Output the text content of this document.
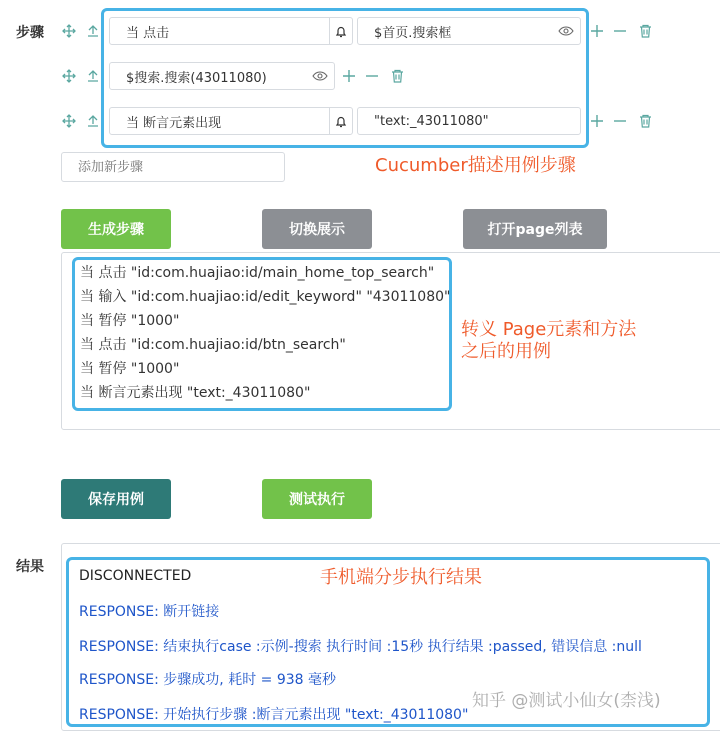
步骤	当 点击	$首页.搜索框
$搜索.搜索(43011080)
当 断言元素出现	"text:_43011080"
添加新步骤
Cucumber描述用例步骤
生成步骤	切换展示	打开page列表
当 点击 "id:com.huajiao:id/main_home_top_search"
当 输入 "id:com.huajiao:id/edit_keyword" "43011080"
当 暂停 "1000"
当 点击 "id:com.huajiao:id/btn_search"
当 暂停 "1000"
当 断言元素出现 "text:_43011080"
转义 Page元素和方法
之后的用例
保存用例	测试执行
结果
DISCONNECTED
RESPONSE: 断开链接
RESPONSE: 结束执行case :示例-搜索 执行时间 :15秒 执行结果 :passed, 错误信息 :null
RESPONSE: 步骤成功, 耗时 = 938 毫秒
RESPONSE: 开始执行步骤 :断言元素出现 "text:_43011080"
手机端分步执行结果
知乎 @测试小仙女(柰浅)
